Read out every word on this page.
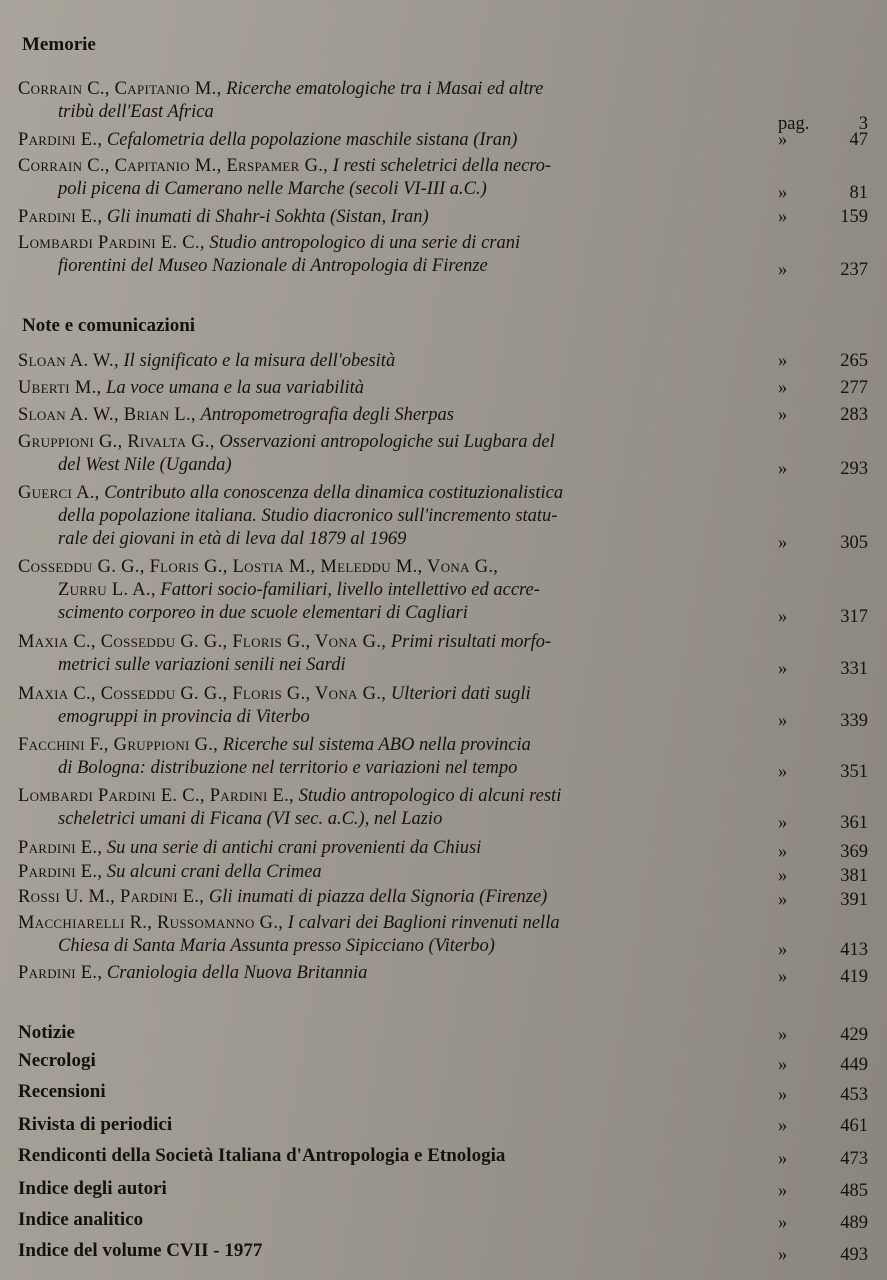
Memorie
Corrain C., Capitanio M., Ricerche ematologiche tra i Masai ed altre
tribù dell'East Africa
pag.	3
Pardini E., Cefalometria della popolazione maschile sistana (Iran)	»	47
Corrain C., Capitanio M., Erspamer G., I resti scheletrici della necro-
poli picena di Camerano nelle Marche (secoli VI-III a.C.)	»	81
Pardini E., Gli inumati di Shahr-i Sokhta (Sistan, Iran)	»	159
Lombardi Pardini E. C., Studio antropologico di una serie di crani
fiorentini del Museo Nazionale di Antropologia di Firenze	»	237
Note e comunicazioni
Sloan A. W., Il significato e la misura dell'obesità	»	265
Uberti M., La voce umana e la sua variabilità	»	277
Sloan A. W., Brian L., Antropometrografia degli Sherpas	»	283
Gruppioni G., Rivalta G., Osservazioni antropologiche sui Lugbara del
del West Nile (Uganda)	»	293
Guerci A., Contributo alla conoscenza della dinamica costituzionalistica
della popolazione italiana. Studio diacronico sull'incremento statu-
rale dei giovani in età di leva dal 1879 al 1969	»	305
Cosseddu G. G., Floris G., Lostia M., Meleddu M., Vona G.,
Zurru L. A., Fattori socio-familiari, livello intellettivo ed accre-
scimento corporeo in due scuole elementari di Cagliari	»	317
Maxia C., Cosseddu G. G., Floris G., Vona G., Primi risultati morfo-
metrici sulle variazioni senili nei Sardi	»	331
Maxia C., Cosseddu G. G., Floris G., Vona G., Ulteriori dati sugli
emogruppi in provincia di Viterbo	»	339
Facchini F., Gruppioni G., Ricerche sul sistema ABO nella provincia
di Bologna: distribuzione nel territorio e variazioni nel tempo	»	351
Lombardi Pardini E. C., Pardini E., Studio antropologico di alcuni resti
scheletrici umani di Ficana (VI sec. a.C.), nel Lazio	»	361
Pardini E., Su una serie di antichi crani provenienti da Chiusi	»	369
Pardini E., Su alcuni crani della Crimea	»	381
Rossi U. M., Pardini E., Gli inumati di piazza della Signoria (Firenze)	»	391
Macchiarelli R., Russomanno G., I calvari dei Baglioni rinvenuti nella
Chiesa di Santa Maria Assunta presso Sipicciano (Viterbo)	»	413
Pardini E., Craniologia della Nuova Britannia	»	419
Notizie	»	429
Necrologi	»	449
Recensioni	»	453
Rivista di periodici	»	461
Rendiconti della Società Italiana d'Antropologia e Etnologia	»	473
Indice degli autori	»	485
Indice analitico	»	489
Indice del volume CVII - 1977	»	493
